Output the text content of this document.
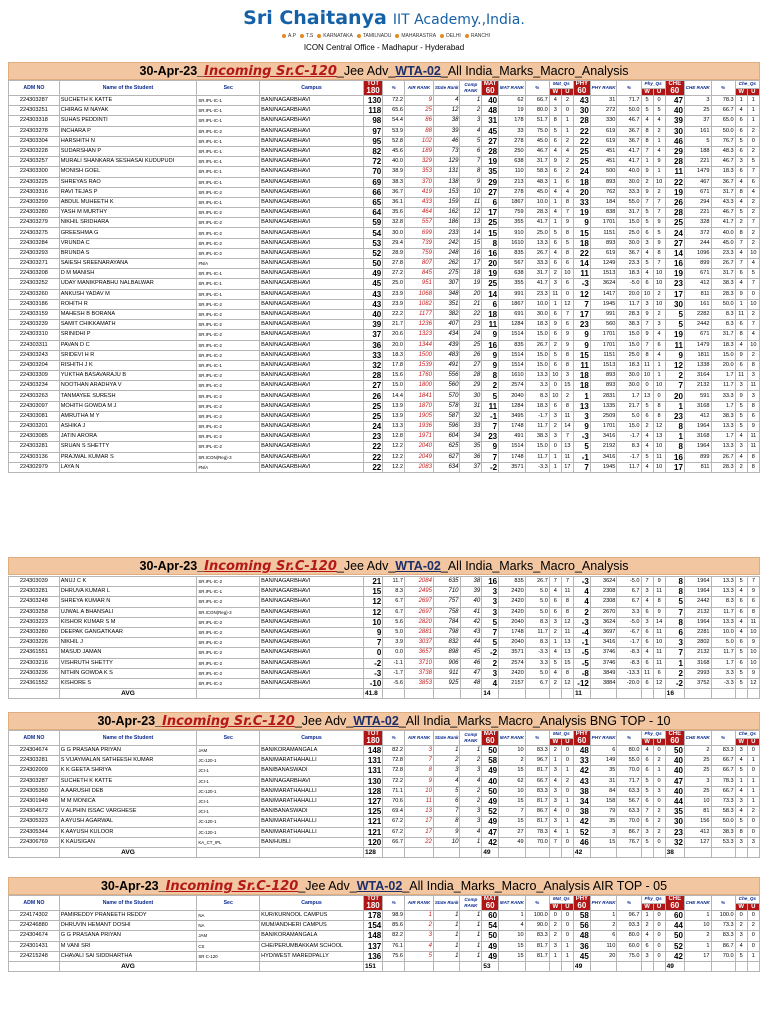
Sri Chaitanya IIT Academy.,India.
A.P T.S KARNATAKA TAMILNADU MAHARASTRA DELHI RANCHI
ICON Central Office - Madhapur - Hyderabad
30-Apr-23_Incoming Sr.C-120_Jee Adv_WTA-02_All India_Marks_Macro_Analysis
ADM NO	Name of the Student	Sec	Campus	TOT
180	%	AIR RANK	State Rank	Comp RANK	MAT
60	MAT RANK	%	Mat_Qs		PHY
60	PHY RANK	%	Phy_Qs		CHE
60	CHE RANK	%	Che_Qs	
												W	U				W	U				W	U
224303287	SUCHETH K KATTE	SR.IPL-IC-1	BAN/NAGARBHAVI	130	72.2	9	4	1	40	62	66.7	4	2	43	31	71.7	5	0	47	3	78.3	1	1
224303251	CHIRAG M NAYAK	SR.IPL-IC-1	BAN/NAGARBHAVI	118	65.6	25	12	2	48	19	80.0	3	0	30	272	50.0	5	5	40	25	66.7	4	1
224303318	SUHAS PEDDINTI	SR.IPL-IC-1	BAN/NAGARBHAVI	98	54.4	86	38	3	31	178	51.7	8	1	28	330	46.7	4	4	39	37	65.0	6	1
224303278	INCHARA P	SR.IPL-IC-2	BAN/NAGARBHAVI	97	53.9	88	39	4	45	33	75.0	5	1	22	619	36.7	8	2	30	161	50.0	6	2
224303304	HARSHITH N	SR.IPL-IC-1	BAN/NAGARBHAVI	95	52.8	102	46	5	27	278	45.0	6	2	22	619	36.7	8	1	46	5	76.7	5	0
224303228	SUDARSHAN P	SR.IPL-IC-1	BAN/NAGARBHAVI	82	45.6	189	73	6	28	250	46.7	4	4	25	451	41.7	7	4	29	188	48.3	6	2
224303257	MURALI SHANKARA SESHASAI KUDUPUDI	SR.IPL-IC-1	BAN/NAGARBHAVI	72	40.0	329	129	7	19	638	31.7	9	2	25	451	41.7	1	9	28	221	46.7	3	5
224303300	MONISH GOEL	SR.IPL-IC-1	BAN/NAGARBHAVI	70	38.9	353	131	8	35	110	58.3	6	2	24	500	40.0	9	1	11	1479	18.3	6	7
224303225	SHREYAS RAO	SR.IPL-IC-1	BAN/NAGARBHAVI	69	38.3	370	138	9	29	213	48.3	1	6	18	893	30.0	2	10	22	467	36.7	4	6
224303316	RAVI TEJAS P	SR.IPL-IC-2	BAN/NAGARBHAVI	66	36.7	419	153	10	27	278	45.0	4	4	20	762	33.3	9	2	19	671	31.7	8	4
224303299	ABDUL MUHEETH K	SR.IPL-IC-1	BAN/NAGARBHAVI	65	36.1	433	159	11	6	1867	10.0	1	8	33	184	55.0	7	7	26	294	43.3	4	2
224303280	YASH M MURTHY	SR.IPL-IC-2	BAN/NAGARBHAVI	64	35.6	464	162	12	17	759	28.3	4	7	19	838	31.7	5	7	28	221	46.7	5	2
224303279	NIKHIL SRIDHARA	SR.IPL-IC-2	BAN/NAGARBHAVI	59	32.8	557	186	13	25	355	41.7	1	9	9	1701	15.0	5	9	25	328	41.7	2	7
224303275	GREESHMA G	SR.IPL-IC-2	BAN/NAGARBHAVI	54	30.0	699	233	14	15	910	25.0	5	8	15	1151	25.0	6	5	24	372	40.0	8	2
224303284	VRUNDA C	SR.IPL-IC-2	BAN/NAGARBHAVI	53	29.4	739	242	15	8	1610	13.3	6	5	18	893	30.0	3	9	27	244	45.0	7	2
224303293	BRUNDA S	SR.IPL-IC-2	BAN/NAGARBHAVI	52	28.9	759	248	16	16	835	26.7	4	8	22	619	36.7	4	8	14	1096	23.3	4	10
224303271	SAIESH SREENARAYANA	#N/A	BAN/NAGARBHAVI	50	27.8	807	262	17	20	567	33.3	6	6	14	1249	23.3	5	7	16	899	26.7	7	4
224303208	D M MANISH	SR.IPL-IC-1	BAN/NAGARBHAVI	49	27.2	845	275	18	19	638	31.7	2	10	11	1513	18.3	4	10	19	671	31.7	6	5
224303252	UDAY MANIKPRABHU NALBALWAR	SR.IPL-IC-1	BAN/NAGARBHAVI	45	25.0	951	307	19	25	355	41.7	3	6	-3	3624	-5.0	6	10	23	412	38.3	4	7
224303260	ANKUSH YADAV M	SR.IPL-IC-1	BAN/NAGARBHAVI	43	23.9	1068	348	20	14	991	23.3	11	0	12	1417	20.0	10	2	17	811	28.3	9	0
224303186	ROHITH R	SR.IPL-IC-2	BAN/NAGARBHAVI	43	23.9	1082	351	21	6	1867	10.0	1	12	7	1945	11.7	3	10	30	161	50.0	1	10
224303159	MAHESH B BORANA	SR.IPL-IC-2	BAN/NAGARBHAVI	40	22.2	1177	382	22	18	691	30.0	6	7	17	991	28.3	9	2	5	2282	8.3	11	2
224303239	SAMIT CHIKKAMATH	SR.IPL-IC-2	BAN/NAGARBHAVI	39	21.7	1236	407	23	11	1284	18.3	9	6	23	560	38.3	7	3	5	2442	8.3	6	7
224303310	SRINIDHI P	SR.IPL-IC-2	BAN/NAGARBHAVI	37	20.6	1323	434	24	9	1514	15.0	6	9	9	1701	15.0	9	4	19	671	31.7	8	4
224303311	PAVAN D C	SR.IPL-IC-2	BAN/NAGARBHAVI	36	20.0	1344	439	25	16	835	26.7	2	9	9	1701	15.0	7	6	11	1479	18.3	4	10
224303243	SRIDEVI H R	SR.IPL-IC-2	BAN/NAGARBHAVI	33	18.3	1500	483	26	9	1514	15.0	5	8	15	1151	25.0	8	4	9	1811	15.0	9	2
224303204	RISHITH J K	SR.IPL-IC-1	BAN/NAGARBHAVI	32	17.8	1539	491	27	9	1514	15.0	6	8	11	1513	18.3	11	1	12	1338	20.0	6	8
224303309	YUKTHA BASAVARAJU B	SR.IPL-IC-2	BAN/NAGARBHAVI	28	15.6	1760	556	28	8	1610	13.3	10	3	18	893	30.0	10	1	2	3164	1.7	11	3
224303234	NOOTHAN ARADHYA V	SR.IPL-IC-2	BAN/NAGARBHAVI	27	15.0	1800	560	29	2	2574	3.3	0	15	18	893	30.0	0	10	7	2132	11.7	3	11
224303263	TANMAYEE SURESH	SR.IPL-IC-2	BAN/NAGARBHAVI	26	14.4	1841	570	30	5	2040	8.3	10	2	1	2831	1.7	13	0	20	591	33.3	9	3
224303097	MOHITH GOWDA M J	SR.IPL-IC-2	BAN/NAGARBHAVI	25	13.9	1870	578	31	11	1284	18.3	6	8	13	1335	21.7	5	8	1	3168	1.7	5	8
224303081	AMRUTHA M Y	SR.IPL-IC-2	BAN/NAGARBHAVI	25	13.9	1905	587	32	-1	3495	-1.7	3	11	3	2509	5.0	6	8	23	412	38.3	5	6
224303201	ASHIKA J	SR.IPL-IC-2	BAN/NAGARBHAVI	24	13.3	1936	596	33	7	1748	11.7	2	14	9	1701	15.0	2	12	8	1964	13.3	5	9
224303085	JATIN ARORA	SR.IPL-IC-2	BAN/NAGARBHAVI	23	12.8	1971	604	34	23	491	38.3	3	7	-3	3416	-1.7	4	13	1	3168	1.7	4	11
224303281	SRUAN S SHETTY	SR.IPL-IC-2	BAN/NAGARBHAVI	22	12.2	2040	625	35	9	1514	15.0	0	13	5	2192	8.3	4	10	8	1964	13.3	3	11
224303136	PRAJWAL KUMAR S	SR.ICON(Reg)-3	BAN/NAGARBHAVI	22	12.2	2049	627	36	7	1748	11.7	1	11	-1	3416	-1.7	5	11	16	899	26.7	4	8
224302979	LAYA N	#N/A	BAN/NAGARBHAVI	22	12.2	2083	634	37	-2	3571	-3.3	1	17	7	1945	11.7	4	10	17	811	28.3	2	8
30-Apr-23_Incoming Sr.C-120_Jee Adv_WTA-02_All India_Marks_Macro_Analysis
224303039	ANUJ C K	SR.IPL-IC-2	BAN/NAGARBHAVI	21	11.7	2084	635	38	16	835	26.7	7	7	-3	3624	-5.0	7	9	8	1964	13.3	5	7
224303281	DHRUVA KUMAR L	SR.IPL-IC-1	BAN/NAGARBHAVI	15	8.3	2495	710	39	3	2420	5.0	4	11	4	2308	6.7	3	11	8	1964	13.3	4	9
224303248	SHREYA KUMAR N	SR.IPL-IC-2	BAN/NAGARBHAVI	12	6.7	2697	757	40	3	2420	5.0	6	8	4	2308	6.7	4	8	5	2442	8.3	6	6
224303258	UJWAL A BHANSALI	SR.ICON(Reg)-3	BAN/NAGARBHAVI	12	6.7	2697	758	41	3	2420	5.0	6	8	2	2670	3.3	6	9	7	2132	11.7	6	8
224303223	KISHOR KUMAR S M	SR.IPL-IC-2	BAN/NAGARBHAVI	10	5.6	2820	784	42	5	2040	8.3	3	12	-3	3624	-5.0	3	14	8	1964	13.3	4	11
224303280	DEEPAK GANGATKAAR	SR.IPL-IC-2	BAN/NAGARBHAVI	9	5.0	2881	798	43	7	1748	11.7	2	11	-4	3697	-6.7	6	11	6	2281	10.0	4	10
224303226	NIKHIL J	SR.IPL-IC-2	BAN/NAGARBHAVI	7	3.9	3037	832	44	5	2040	8.3	1	13	-1	3416	-1.7	6	10	3	2802	5.0	6	9
224361551	MASUD JAMAN	SR.IPL-IC-2	BAN/NAGARBHAVI	0	0.0	3657	898	45	-2	3571	-3.3	4	13	-5	3746	-8.3	4	11	7	2132	11.7	5	10
224303216	VISHRUTH SHETTY	SR.IPL-IC-2	BAN/NAGARBHAVI	-2	-1.1	3710	906	46	2	2574	3.3	5	15	-5	3746	-8.3	6	11	1	3168	1.7	6	10
224303236	NITHIN GOWDA K S	SR.IPL-IC-2	BAN/NAGARBHAVI	-3	-1.7	3738	911	47	3	2420	5.0	4	8	-8	3849	-13.3	11	6	2	2993	3.3	5	9
224361552	KISHORE S	SR.IPL-IC-2	BAN/NAGARBHAVI	-10	-5.6	3853	925	48	4	2157	6.7	2	12	-12	3884	-20.0	6	12	-2	3752	-3.3	5	12
	AVG			41.8					14					11					16				
30-Apr-23_Incoming Sr.C-120_Jee Adv_WTA-02_All India_Marks_Macro_Analysis BNG TOP - 10
ADM NO	Name of the Student	Sec	Campus	TOT
180	%	AIR RANK	State Rank	Comp RANK	MAT
60	MAT RANK	%	Mat_Qs		PHY
60	PHY RANK	%	Phy_Qs		CHE
60	CHE RANK	%	Che_Qs	
												W	U				W	U				W	U
224304674	G G PRASANA PRIYAN	JAM	BAN/KORAMANGALA	148	82.2	3	1	1	50	10	83.3	2	0	48	6	80.0	4	0	50	2	83.3	3	0
224303281	S VIJAYMALAN SATHEESH KUMAR	JC-120-1	BAN/MARATHAHALLI	131	72.8	7	2	2	58	2	96.7	1	0	33	149	55.0	6	2	40	25	66.7	4	1
224302009	K K GEETA SHRIYA	JCI-1	BAN/BANASWADI	131	72.8	8	3	3	49	15	81.7	3	1	42	35	70.0	6	1	40	25	66.7	5	0
224303287	SUCHETH K KATTE	JCI-1	BAN/NAGARBHAVI	130	72.2	9	4	4	40	62	66.7	4	2	43	31	71.7	5	0	47	3	78.3	1	1
224305350	A AARUSHI DEB	JC-120-1	BAN/MARATHAHALLI	128	71.1	10	5	2	50	10	83.3	3	0	38	84	63.3	5	3	40	25	66.7	4	1
224301948	M M MONICA	JCI-1	BAN/MARATHAHALLI	127	70.6	11	6	2	49	15	81.7	3	1	34	158	56.7	6	0	44	10	73.3	3	1
224304672	V ALPHIN ISSAC VARGHESE	JCI-1	BAN/BANASWADI	125	69.4	13	7	3	52	7	86.7	4	0	38	79	63.3	7	2	35	81	58.3	4	2
224305323	A AYUSH AGARWAL	JC-120-1	BAN/MARATHAHALLI	121	67.2	17	8	3	49	15	81.7	3	1	42	35	70.0	6	2	30	156	50.0	5	0
224305344	K AAYUSH KULOOR	JC-120-1	BAN/MARATHAHALLI	121	67.2	17	9	4	47	27	78.3	4	1	52	3	86.7	3	2	23	412	38.3	8	0
224306769	K KAUSIGAN	KA_CT_IPL	BAN/HUBLI	120	66.7	22	10	1	42	49	70.0	7	0	46	15	76.7	5	0	32	127	53.3	3	3
	AVG			128					49					42					38				
30-Apr-23_Incoming Sr.C-120_Jee Adv_WTA-02_All India_Marks_Macro_Analysis AIR TOP - 05
ADM NO	Name of the Student	Sec	Campus	TOT
180	%	AIR RANK	State Rank	Comp RANK	MAT
60	MAT RANK	%	Mat_Qs		PHY
60	PHY RANK	%	Phy_Qs		CHE
60	CHE RANK	%	Che_Qs	
												W	U				W	U				W	U
224174302	PAMIREDDY PRANEETH REDDY	NA	KUR/KURNOOL CAMPUS	178	98.9	1	1	1	60	1	100.0	0	0	58	1	96.7	1	0	60	1	100.0	0	0
224246880	DHRUVIN HEMANT DOSHI	NA	MUM/ANDHERI CAMPUS	154	85.6	2	1	1	54	4	90.0	2	0	56	2	93.3	2	0	44	10	73.3	2	2
224304674	G G PRASANA PRIYAN	JAM	BAN/KORAMANGALA	148	82.2	3	1	1	50	10	83.3	2	0	48	6	80.0	4	0	50	2	83.3	3	0
224301431	M VANI SRI	CS	CHE/PERUMBAKKAM SCHOOL	137	76.1	4	1	1	49	15	81.7	3	1	36	110	60.0	6	0	52	1	86.7	4	0
224215248	CHAVALI SAI SIDDHARTHA	SR C-120	HYD/WEST MAREDPALLY	136	75.6	5	1	1	49	15	81.7	1	1	45	20	75.0	3	0	42	17	70.0	5	1
	AVG			151					53					49					49				
